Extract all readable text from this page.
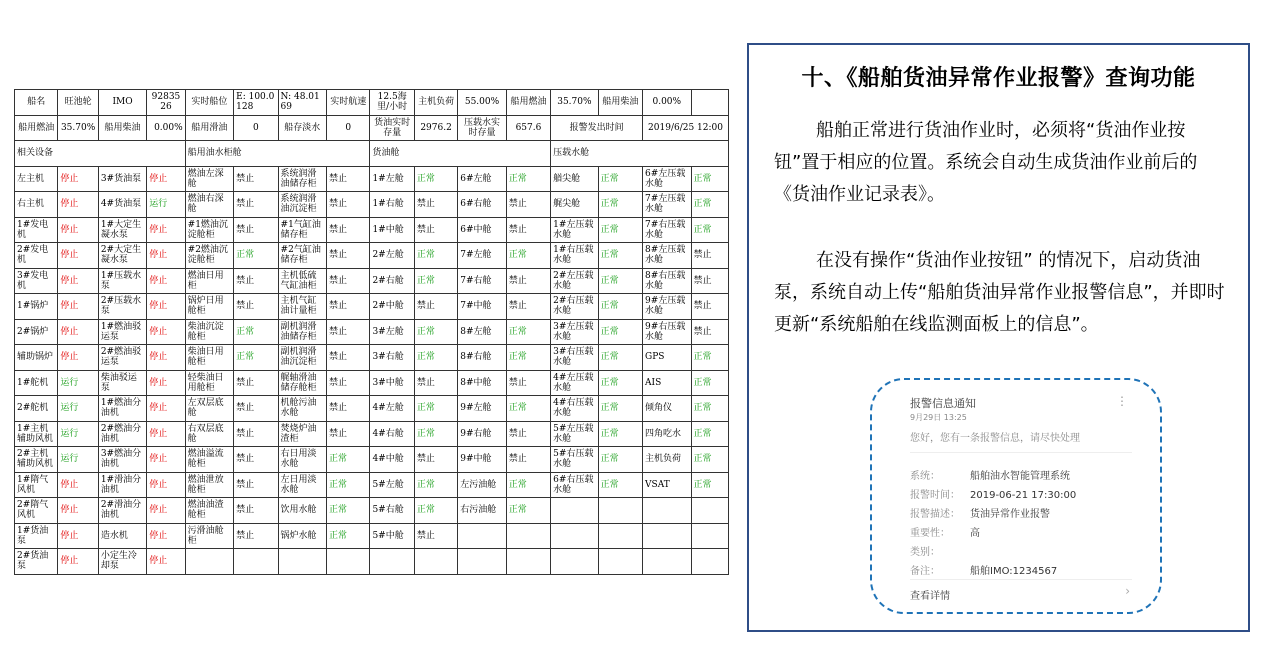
船名	旺池轮	IMO	9283526	实时船位	E: 100.0128	N: 48.0169	实时航速	12.5海里/小时	主机负荷	55.00%	船用燃油	35.70%	船用柴油	0.00%	
船用燃油	35.70%	船用柴油	0.00%	船用滑油	0	船存淡水	0	货油实时存量	2976.2	压载水实时存量	657.6	报警发出时间		2019/6/25 12:00	
相关设备				船用油水柜舱				货油舱				压载水舱			
左主机	停止	3#货油泵	停止	燃油左深舱	禁止	系统润滑油储存柜	禁止	1#左舱	正常	6#左舱	正常	艏尖舱	正常	6#左压载水舱	正常
右主机	停止	4#货油泵	运行	燃油右深舱	禁止	系统润滑油沉淀柜	禁止	1#右舱	禁止	6#右舱	禁止	艉尖舱	正常	7#左压载水舱	正常
1#发电机	停止	1#大定生凝水泵	停止	#1燃油沉淀舱柜	禁止	#1气缸油储存柜	禁止	1#中舱	禁止	6#中舱	禁止	1#左压载水舱	正常	7#右压载水舱	正常
2#发电机	停止	2#大定生凝水泵	停止	#2燃油沉淀舱柜	正常	#2气缸油储存柜	禁止	2#左舱	正常	7#左舱	正常	1#右压载水舱	正常	8#左压载水舱	禁止
3#发电机	停止	1#压载水泵	停止	燃油日用柜	禁止	主机低硫气缸油柜	禁止	2#右舱	正常	7#右舱	禁止	2#左压载水舱	正常	8#右压载水舱	禁止
1#锅炉	停止	2#压载水泵	停止	锅炉日用舱柜	禁止	主机气缸油计量柜	禁止	2#中舱	禁止	7#中舱	禁止	2#右压载水舱	正常	9#左压载水舱	禁止
2#锅炉	停止	1#燃油驳运泵	停止	柴油沉淀舱柜	正常	副机润滑油储存柜	禁止	3#左舱	正常	8#左舱	正常	3#左压载水舱	正常	9#右压载水舱	禁止
辅助锅炉	停止	2#燃油驳运泵	停止	柴油日用舱柜	正常	副机润滑油沉淀柜	禁止	3#右舱	正常	8#右舱	正常	3#右压载水舱	正常	GPS	正常
1#舵机	运行	柴油驳运泵	停止	轻柴油日用舱柜	禁止	艉轴滑油储存舱柜	禁止	3#中舱	禁止	8#中舱	禁止	4#左压载水舱	正常	AIS	正常
2#舵机	运行	1#燃油分油机	停止	左双层底舱	禁止	机舱污油水舱	禁止	4#左舱	正常	9#左舱	正常	4#右压载水舱	正常	倾角仪	正常
1#主机辅助风机	运行	2#燃油分油机	停止	右双层底舱	禁止	焚烧炉油渣柜	禁止	4#右舱	正常	9#右舱	禁止	5#左压载水舱	正常	四角吃水	正常
2#主机辅助风机	运行	3#燃油分油机	停止	燃油溢流舱柜	禁止	右日用淡水舱	正常	4#中舱	禁止	9#中舱	禁止	5#右压载水舱	正常	主机负荷	正常
1#隋气风机	停止	1#滑油分油机	停止	燃油泄放舱柜	禁止	左日用淡水舱	正常	5#左舱	正常	左污油舱	正常	6#右压载水舱	正常	VSAT	正常
2#隋气风机	停止	2#滑油分油机	停止	燃油油渣舱柜	禁止	饮用水舱	正常	5#右舱	正常	右污油舱	正常				
1#货油泵	停止	造水机	停止	污滑油舱柜	禁止	锅炉水舱	正常	5#中舱	禁止						
2#货油泵	停止	小定生冷却泵	停止												
十、《船舶货油异常作业报警》查询功能

船舶正常进行货油作业时，必须将“货油作业按钮”置于相应的位置。系统会自动生成货油作业前后的《货油作业记录表》。

在没有操作“货油作业按钮” 的情况下，启动货油泵，系统自动上传“船舶货油异常作业报警信息”，并即时更新“系统船舶在线监测面板上的信息”。

报警信息通知
9月29日 13:25
⋮
您好，您有一条报警信息，请尽快处理
系统：	船舶油水智能管理系统
报警时间： 2019-06-21 17:30:00
报警描述： 货油异常作业报警
重要性： 高
类别：
备注：	船舶IMO:1234567
查看详情	›
